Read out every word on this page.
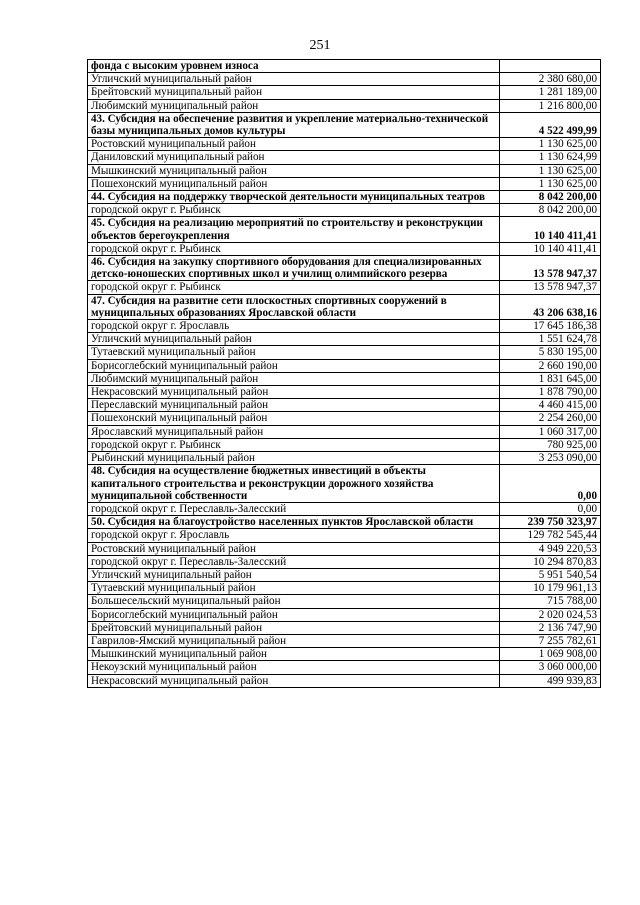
251
фонда с высоким уровнем износа	
Угличский муниципальный район	2 380 680,00
Брейтовский муниципальный район	1 281 189,00
Любимский муниципальный район	1 216 800,00
43. Субсидия на обеспечение развития и укрепление материально-технической базы муниципальных домов культуры	4 522 499,99
Ростовский муниципальный район	1 130 625,00
Даниловский муниципальный район	1 130 624,99
Мышкинский муниципальный район	1 130 625,00
Пошехонский муниципальный район	1 130 625,00
44. Субсидия на поддержку творческой деятельности муниципальных театров	8 042 200,00
городской округ г. Рыбинск	8 042 200,00
45. Субсидия на реализацию мероприятий по строительству и реконструкции объектов берегоукрепления	10 140 411,41
городской округ г. Рыбинск	10 140 411,41
46. Субсидия на закупку спортивного оборудования для специализированных детско-юношеских спортивных школ и училищ олимпийского резерва	13 578 947,37
городской округ г. Рыбинск	13 578 947,37
47. Субсидия на развитие сети плоскостных спортивных сооружений в муниципальных образованиях Ярославской области	43 206 638,16
городской округ г. Ярославль	17 645 186,38
Угличский муниципальный район	1 551 624,78
Тутаевский муниципальный район	5 830 195,00
Борисоглебский муниципальный район	2 660 190,00
Любимский муниципальный район	1 831 645,00
Некрасовский муниципальный район	1 878 790,00
Переславский муниципальный район	4 460 415,00
Пошехонский муниципальный район	2 254 260,00
Ярославский муниципальный район	1 060 317,00
городской округ г. Рыбинск	780 925,00
Рыбинский муниципальный район	3 253 090,00
48. Субсидия на осуществление бюджетных инвестиций в объекты капитального строительства и реконструкции дорожного хозяйства муниципальной собственности	0,00
городской округ г. Переславль-Залесский	0,00
50. Субсидия на благоустройство населенных пунктов Ярославской области	239 750 323,97
городской округ г. Ярославль	129 782 545,44
Ростовский муниципальный район	4 949 220,53
городской округ г. Переславль-Залесский	10 294 870,83
Угличский муниципальный район	5 951 540,54
Тутаевский муниципальный район	10 179 961,13
Большесельский муниципальный район	715 788,00
Борисоглебский муниципальный район	2 020 024,53
Брейтовский муниципальный район	2 136 747,90
Гаврилов-Ямский муниципальный район	7 255 782,61
Мышкинский муниципальный район	1 069 908,00
Некоузский муниципальный район	3 060 000,00
Некрасовский муниципальный район	499 939,83
